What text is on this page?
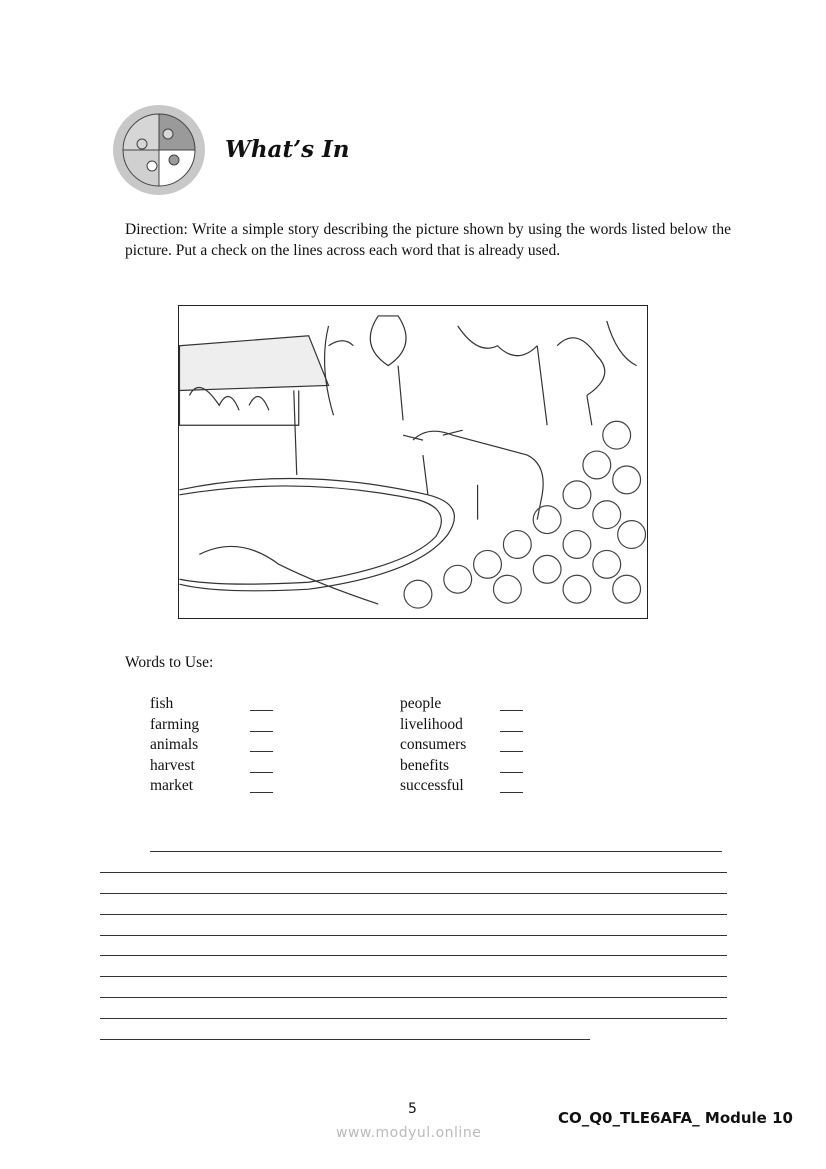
What’s In
Direction: Write a simple story describing the picture shown by using the words listed below the picture. Put a check on the lines across each word that is already used.
Words to Use:
fish
farming
animals
harvest
market
people
livelihood
consumers
benefits
successful
5	CO_Q0_TLE6AFA_ Module 10
www.modyul.online
